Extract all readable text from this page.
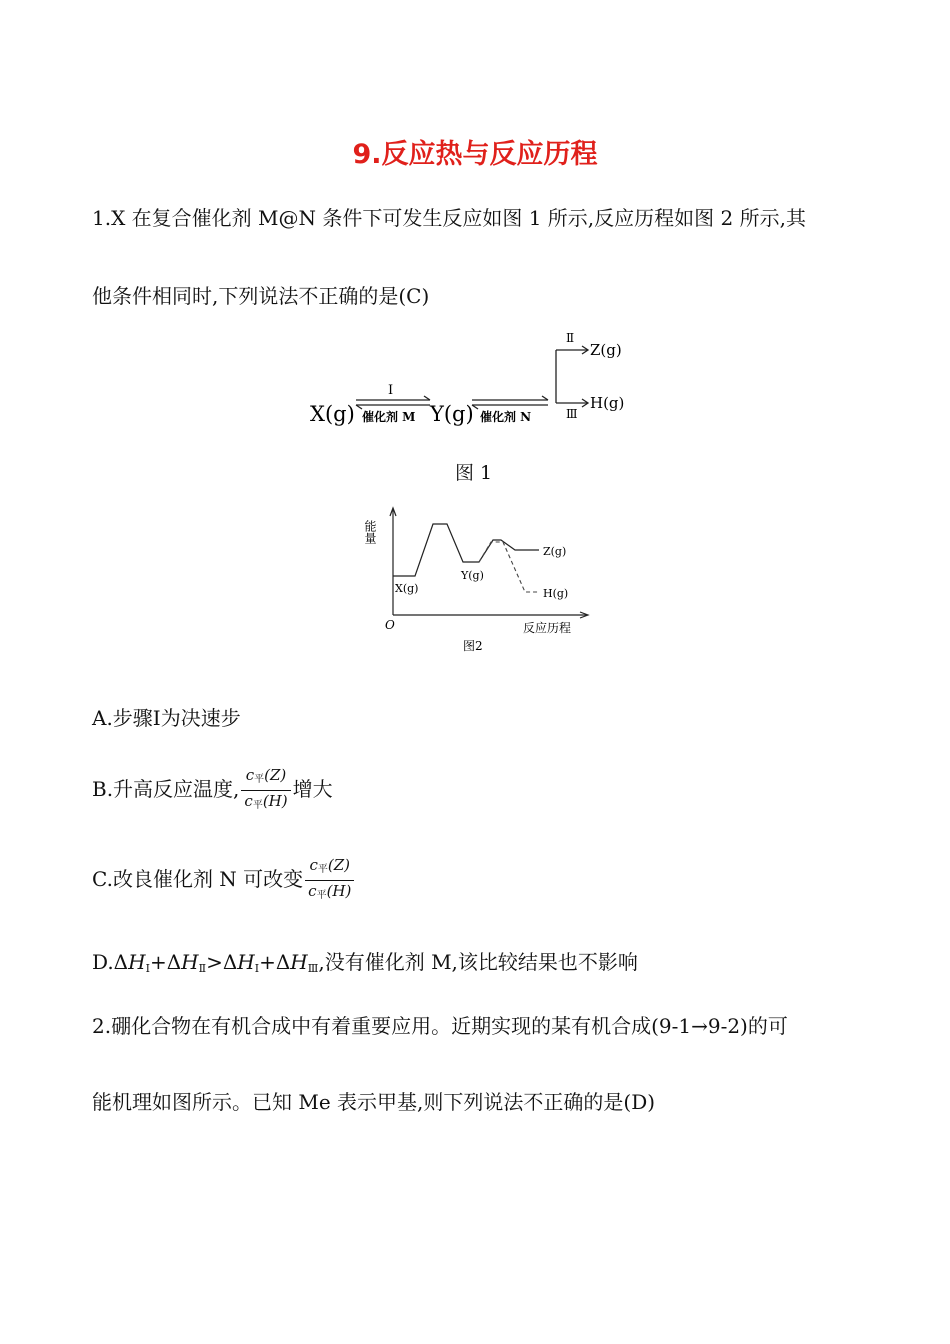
9.反应热与反应历程
1.X 在复合催化剂 M@N 条件下可发生反应如图 1 所示,反应历程如图 2 所示,其
他条件相同时,下列说法不正确的是(C)
X(g)
Ⅰ
催化剂 M Y(g) 催化剂 N
Ⅱ
Ⅲ
Z(g)
H(g)
图 1
能量
O	反应历程
X(g)
Y(g)
Z(g)
H(g)
图2
A.步骤Ⅰ为决速步
B.升高反应温度, $\frac{c_平(Z)}{c_平(H)}$ 增大
C.改良催化剂 N 可改变 $\frac{c_平(Z)}{c_平(H)}$
D.ΔHⅠ+ΔHⅡ>ΔHⅠ+ΔHⅢ,没有催化剂 M,该比较结果也不影响
2.硼化合物在有机合成中有着重要应用。近期实现的某有机合成(9-1→9-2)的可
能机理如图所示。已知 Me 表示甲基,则下列说法不正确的是(D)
